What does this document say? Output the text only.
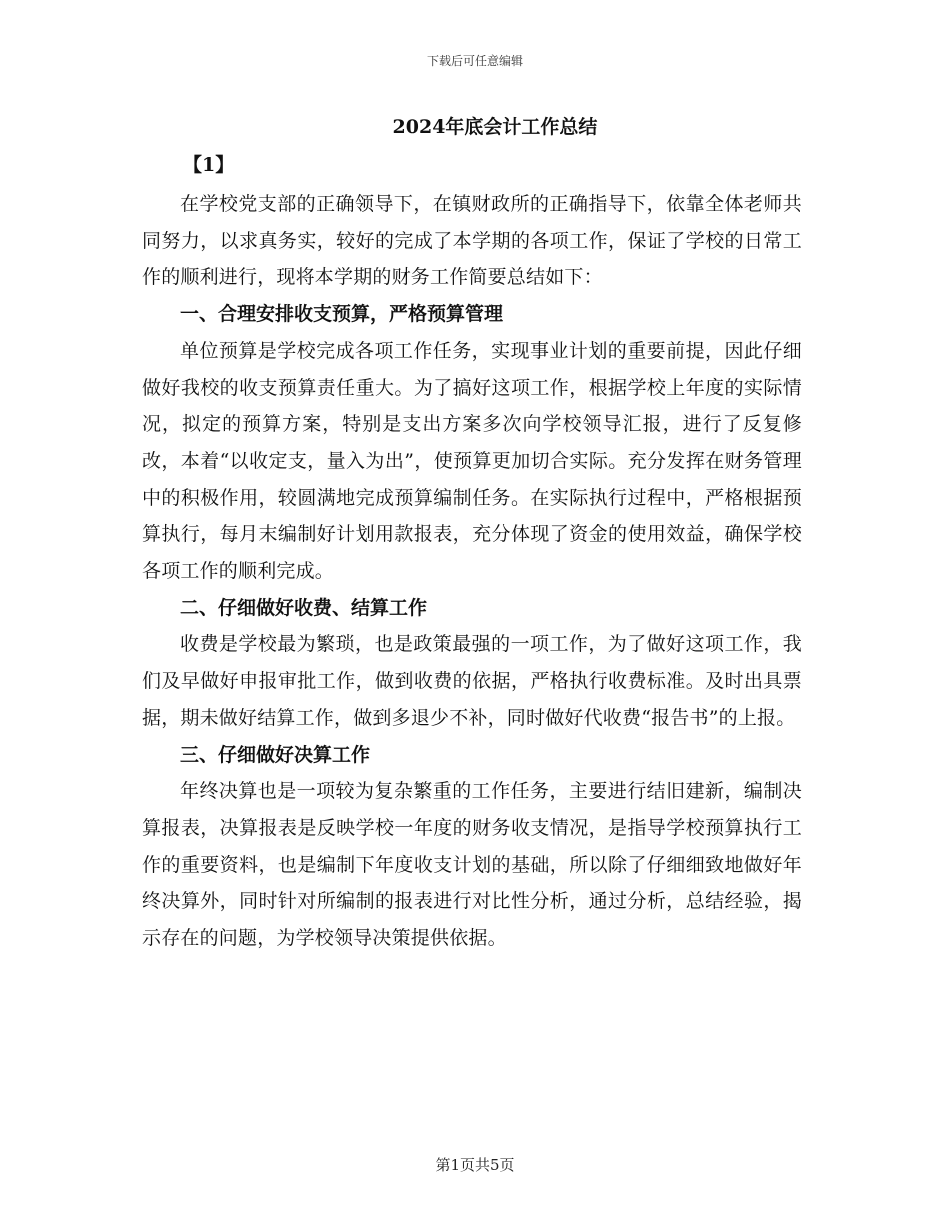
下载后可任意编辑
2024年底会计工作总结
【1】

在学校党支部的正确领导下，在镇财政所的正确指导下，依靠全体老师共同努力，以求真务实，较好的完成了本学期的各项工作，保证了学校的日常工作的顺利进行，现将本学期的财务工作简要总结如下：

一、合理安排收支预算，严格预算管理

单位预算是学校完成各项工作任务，实现事业计划的重要前提，因此仔细做好我校的收支预算责任重大。为了搞好这项工作，根据学校上年度的实际情况，拟定的预算方案，特别是支出方案多次向学校领导汇报，进行了反复修改，本着“以收定支，量入为出”，使预算更加切合实际。充分发挥在财务管理中的积极作用，较圆满地完成预算编制任务。在实际执行过程中，严格根据预算执行，每月末编制好计划用款报表，充分体现了资金的使用效益，确保学校各项工作的顺利完成。

二、仔细做好收费、结算工作

收费是学校最为繁琐，也是政策最强的一项工作，为了做好这项工作，我们及早做好申报审批工作，做到收费的依据，严格执行收费标准。及时出具票据，期未做好结算工作，做到多退少不补，同时做好代收费“报告书”的上报。

三、仔细做好决算工作

年终决算也是一项较为复杂繁重的工作任务，主要进行结旧建新，编制决算报表，决算报表是反映学校一年度的财务收支情况，是指导学校预算执行工作的重要资料，也是编制下年度收支计划的基础，所以除了仔细细致地做好年终决算外，同时针对所编制的报表进行对比性分析，通过分析，总结经验，揭示存在的问题，为学校领导决策提供依据。

第1页共5页
